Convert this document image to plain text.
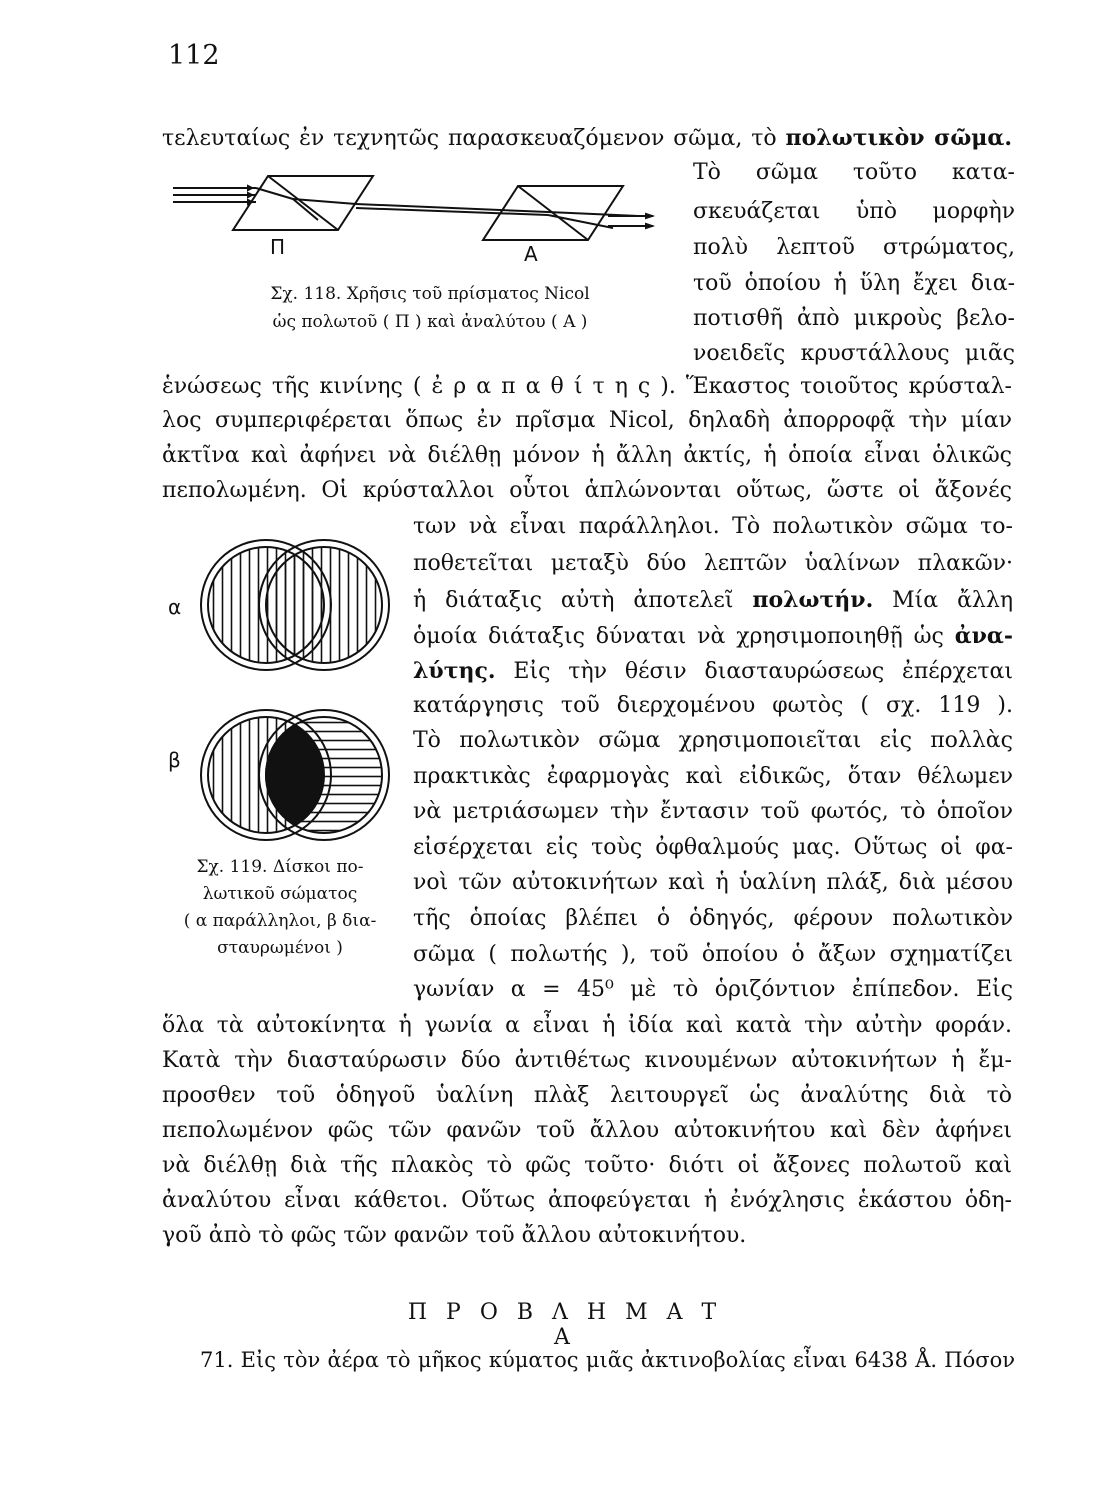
112
τελευταίως ἐν τεχνητῶς παρασκευαζόμενον σῶμα, τὸ πολωτικὸν σῶμα.
Τὸ σῶμα τοῦτο κατα-
σκευάζεται ὑπὸ μορφὴν
πολὺ λεπτοῦ στρώματος,
τοῦ ὁποίου ἡ ὕλη ἔχει δια-
ποτισθῆ ἀπὸ μικροὺς βελο-
νοειδεῖς κρυστάλλους μιᾶς
ἑνώσεως τῆς κινίνης ( ἐ ρ α π α θ ί τ η ς ). Ἕκαστος τοιοῦτος κρύσταλ-
λος συμπεριφέρεται ὅπως ἐν πρῖσμα Nicol, δηλαδὴ ἀπορροφᾷ τὴν μίαν
ἀκτῖνα καὶ ἀφήνει νὰ διέλθῃ μόνον ἡ ἄλλη ἀκτίς, ἡ ὁποία εἶναι ὁλικῶς
πεπολωμένη. Οἱ κρύσταλλοι οὗτοι ἁπλώνονται οὕτως, ὥστε οἱ ἄξονές
των νὰ εἶναι παράλληλοι. Τὸ πολωτικὸν σῶμα το-
ποθετεῖται μεταξὺ δύο λεπτῶν ὑαλίνων πλακῶν·
ἡ διάταξις αὐτὴ ἀποτελεῖ πολωτήν. Μία ἄλλη
ὁμοία διάταξις δύναται νὰ χρησιμοποιηθῇ ὡς ἀνα-
λύτης. Εἰς τὴν θέσιν διασταυρώσεως ἐπέρχεται
κατάργησις τοῦ διερχομένου φωτὸς ( σχ. 119 ).
Τὸ πολωτικὸν σῶμα χρησιμοποιεῖται εἰς πολλὰς
πρακτικὰς ἐφαρμογὰς καὶ εἰδικῶς, ὅταν θέλωμεν
νὰ μετριάσωμεν τὴν ἔντασιν τοῦ φωτός, τὸ ὁποῖον
εἰσέρχεται εἰς τοὺς ὀφθαλμούς μας. Οὕτως οἱ φα-
νοὶ τῶν αὐτοκινήτων καὶ ἡ ὑαλίνη πλάξ, διὰ μέσου
τῆς ὁποίας βλέπει ὁ ὁδηγός, φέρουν πολωτικὸν
σῶμα ( πολωτής ), τοῦ ὁποίου ὁ ἄξων σχηματίζει
γωνίαν α = 45⁰ μὲ τὸ ὁριζόντιον ἐπίπεδον. Εἰς
ὅλα τὰ αὐτοκίνητα ἡ γωνία α εἶναι ἡ ἰδία καὶ κατὰ τὴν αὐτὴν φοράν.
Κατὰ τὴν διασταύρωσιν δύο ἀντιθέτως κινουμένων αὐτοκινήτων ἡ ἔμ-
προσθεν τοῦ ὁδηγοῦ ὑαλίνη πλὰξ λειτουργεῖ ὡς ἀναλύτης διὰ τὸ
πεπολωμένον φῶς τῶν φανῶν τοῦ ἄλλου αὐτοκινήτου καὶ δὲν ἀφήνει
νὰ διέλθῃ διὰ τῆς πλακὸς τὸ φῶς τοῦτο· διότι οἱ ἄξονες πολωτοῦ καὶ
ἀναλύτου εἶναι κάθετοι. Οὕτως ἀποφεύγεται ἡ ἐνόχλησις ἑκάστου ὁδη-
γοῦ ἀπὸ τὸ φῶς τῶν φανῶν τοῦ ἄλλου αὐτοκινήτου.
Π	Α
Σχ. 118. Χρῆσις τοῦ πρίσματος Nicol
ὡς πολωτοῦ ( Π ) καὶ ἀναλύτου ( Α )
α
β
Σχ. 119. Δίσκοι πο-
λωτικοῦ σώματος
( α παράλληλοι, β δια-
σταυρωμένοι )
Π Ρ Ο Β Λ Η Μ Α Τ Α
71. Εἰς τὸν ἀέρα τὸ μῆκος κύματος μιᾶς ἀκτινοβολίας εἶναι 6438 Å. Πόσον
